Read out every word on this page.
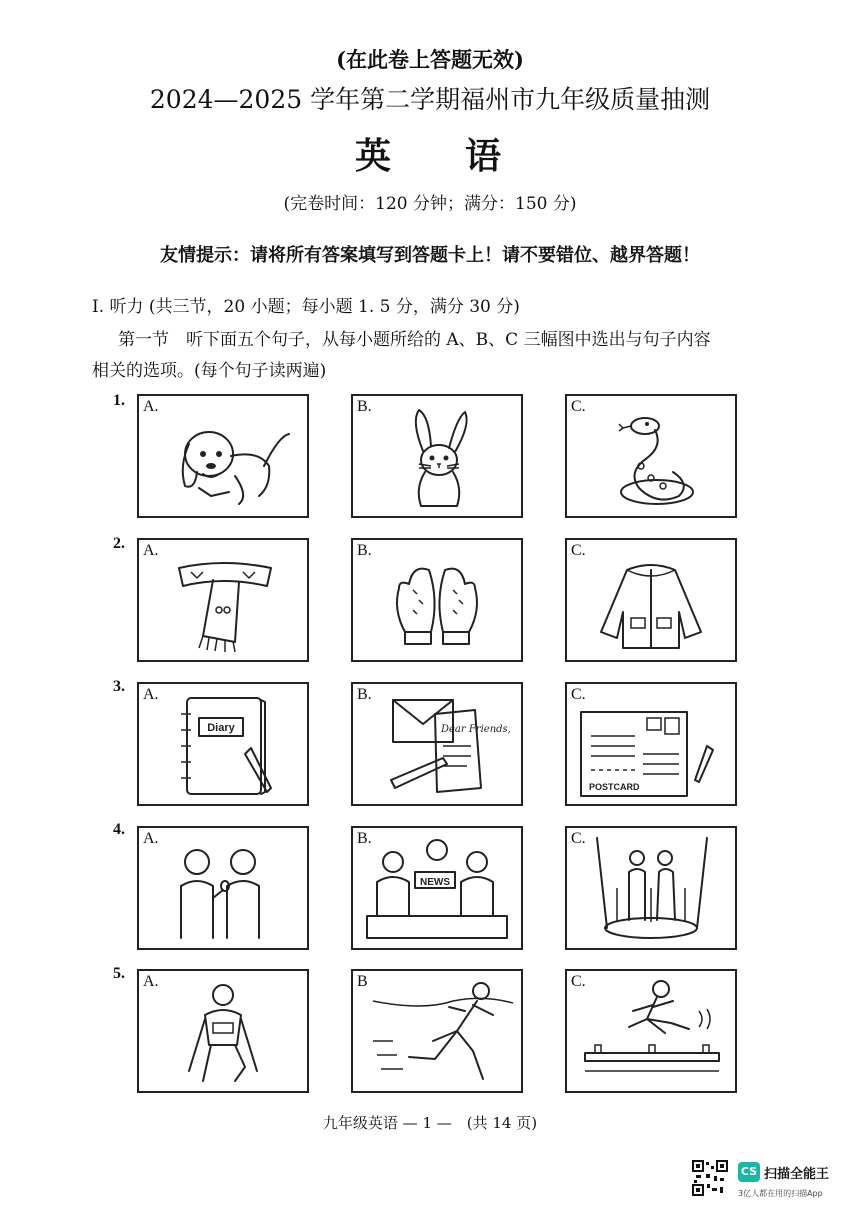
(在此卷上答题无效)
2024—2025 学年第二学期福州市九年级质量抽测
英 语
(完卷时间：120 分钟；满分：150 分)
友情提示：请将所有答案填写到答题卡上！请不要错位、越界答题！
I. 听力 (共三节，20 小题；每小题 1. 5 分，满分 30 分)
第一节　听下面五个句子，从每小题所给的 A、B、C 三幅图中选出与句子内容
相关的选项。(每个句子读两遍)
1. A.	B.	C.
2. A.	B.	C.
3. A.
Diary
B.
Dear Friends,
C.
POSTCARD
4.
A.	B.
NEWS
C.
5. A.	B	C.
九年级英语 — 1 —　(共 14 页)
CS 扫描全能王
3亿人都在用的扫描App
